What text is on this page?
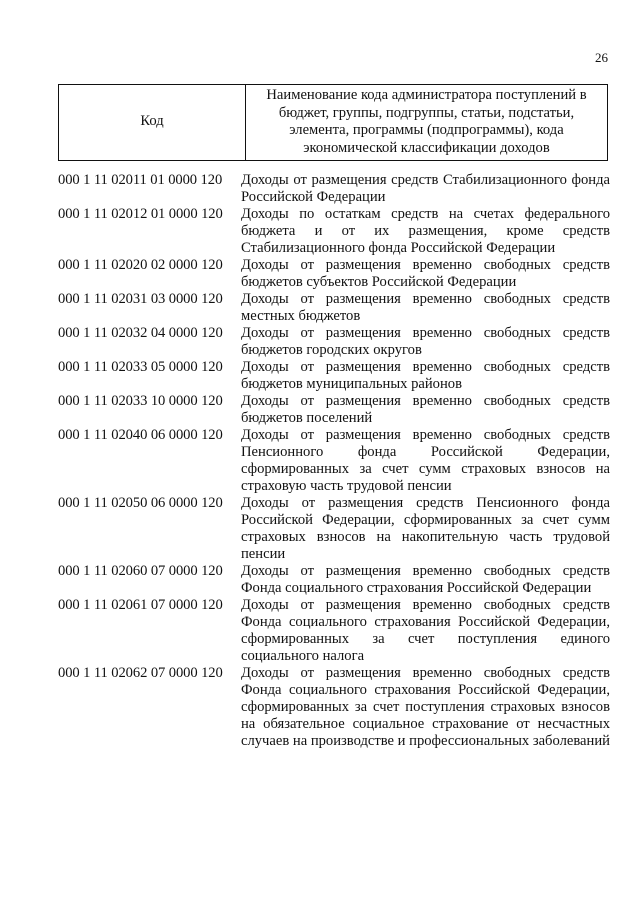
26
Код	Наименование кода администратора поступлений в бюджет, группы, подгруппы, статьи, подстатьи, элемента, программы (подпрограммы), кода экономической классификации доходов
000 1 11 02011 01 0000 120	Доходы от размещения средств Стабилизационного фонда Российской Федерации
000 1 11 02012 01 0000 120	Доходы по остаткам средств на счетах федерального бюджета и от их размещения, кроме средств Стабилизационного фонда Российской Федерации
000 1 11 02020 02 0000 120	Доходы от размещения временно свободных средств бюджетов субъектов Российской Федерации
000 1 11 02031 03 0000 120	Доходы от размещения временно свободных средств местных бюджетов
000 1 11 02032 04 0000 120	Доходы от размещения временно свободных средств бюджетов городских округов
000 1 11 02033 05 0000 120	Доходы от размещения временно свободных средств бюджетов муниципальных районов
000 1 11 02033 10 0000 120	Доходы от размещения временно свободных средств бюджетов поселений
000 1 11 02040 06 0000 120	Доходы от размещения временно свободных средств Пенсионного фонда Российской Федерации, сформированных за счет сумм страховых взносов на страховую часть трудовой пенсии
000 1 11 02050 06 0000 120	Доходы от размещения средств Пенсионного фонда Российской Федерации, сформированных за счет сумм страховых взносов на накопительную часть трудовой пенсии
000 1 11 02060 07 0000 120	Доходы от размещения временно свободных средств Фонда социального страхования Российской Федерации
000 1 11 02061 07 0000 120	Доходы от размещения временно свободных средств Фонда социального страхования Российской Федерации, сформированных за счет поступления единого социального налога
000 1 11 02062 07 0000 120	Доходы от размещения временно свободных средств Фонда социального страхования Российской Федерации, сформированных за счет поступления страховых взносов на обязательное социальное страхование от несчастных случаев на производстве и профессиональных заболеваний
